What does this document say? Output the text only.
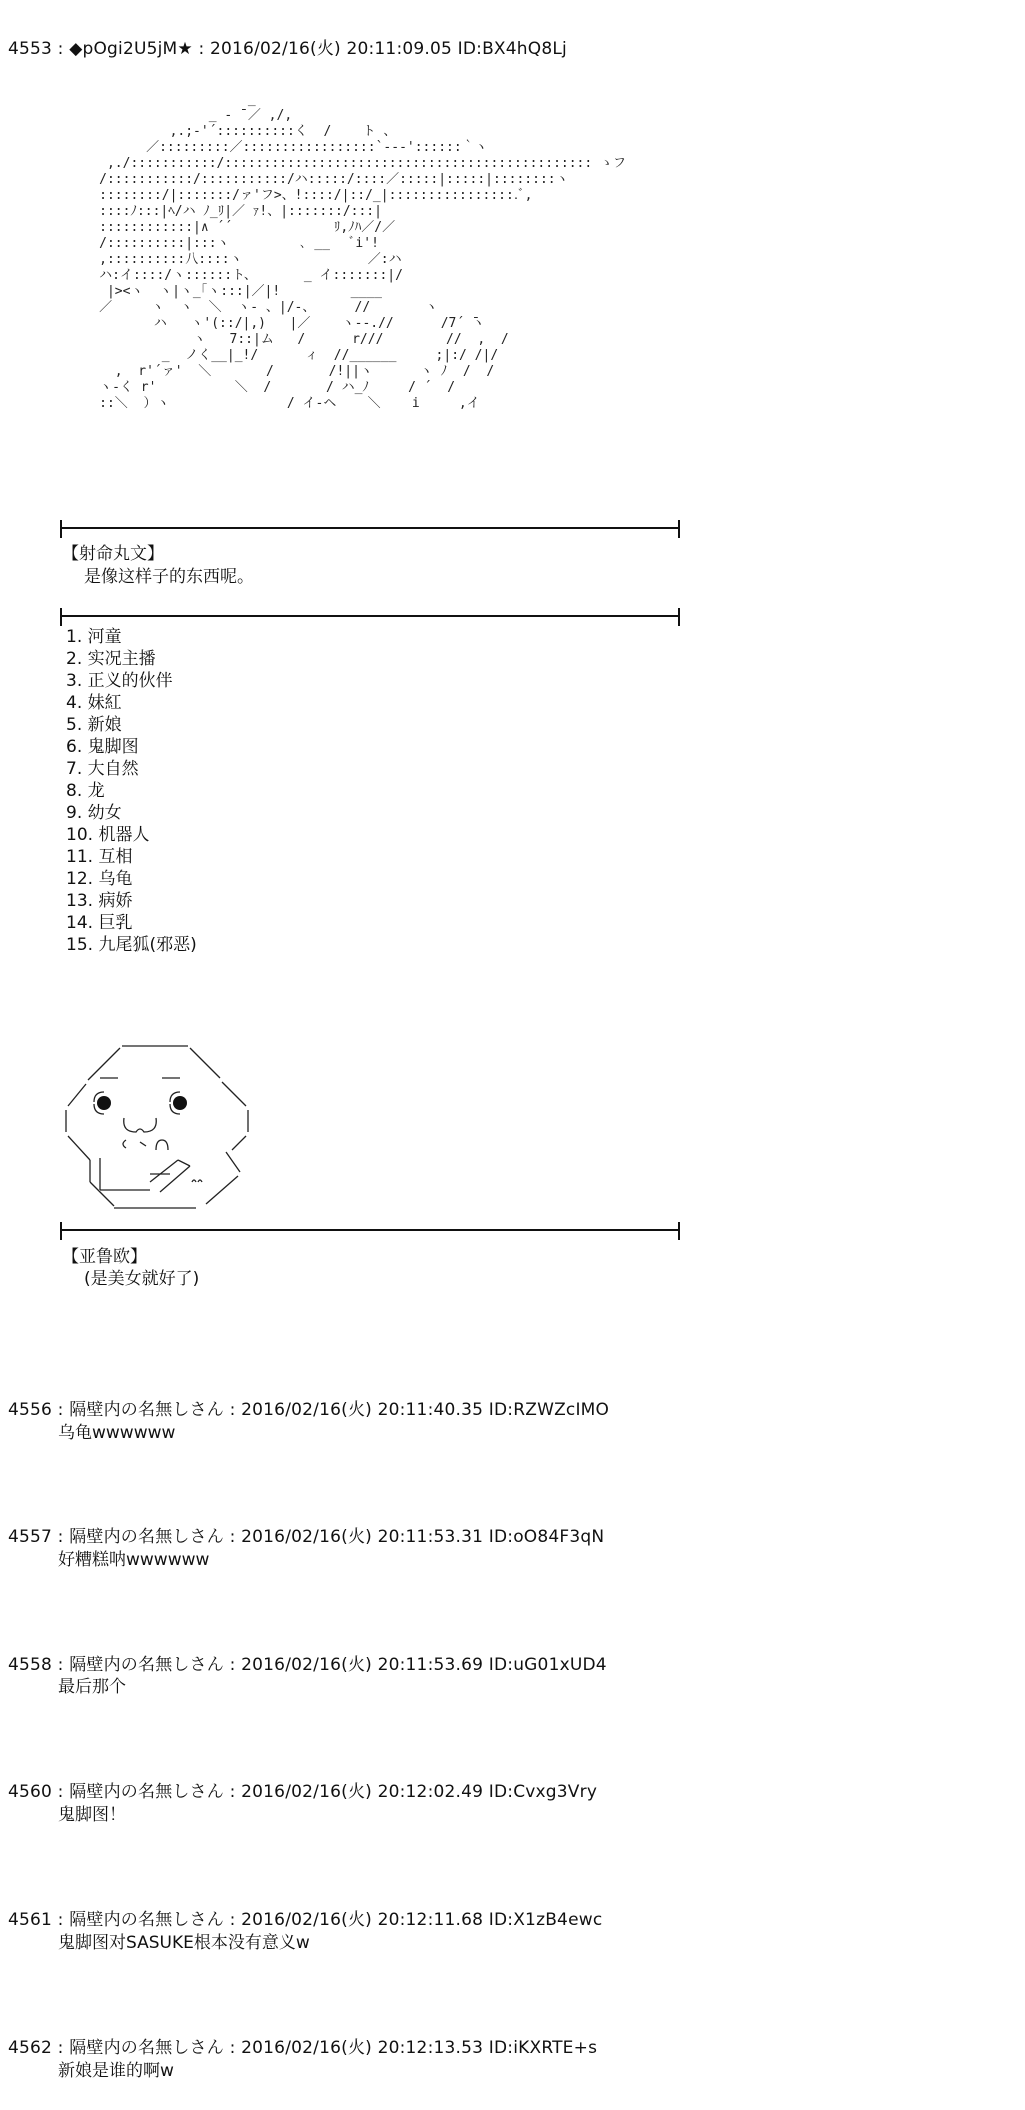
4553 : ◆pOgi2U5jM★ : 2016/02/16(火) 20:11:09.05 ID:BX4hQ8Lj
_
_ ‐ ̄ ／ ,/,
,.;-'´::::::::::く  /    ト 、
／:::::::::／:::::::::::::::::`‐‐‐'::::::｀ヽ
,./:::::::::::/::::::::::::::::::::::::::::::::::::::::::::::: ゝフ
/:::::::::::/:::::::::::/ハ:::::/::::／:::::|:::::|::::::::ヽ
::::::::/|:::::::/ァ'フ>、!::::/|::/_|::::::::::::::::.ﾞ,
::::ﾉ:::|ﾍ/ハ ﾉ_ﾘ|／ ｧ!、|:::::::/:::|
::::::::::::|∧ ´´             ﾘ,ﾉﾊ／/／
/::::::::::|:::ヽ         ､ __   ﾞi'!
,::::::::::八::::ヽ                ／:ハ
ハ:イ::::/ヽ::::::ト、      _ イ:::::::|/
|><ヽ  ヽ|ヽ_｢ヽ:::|／|!         ____
／     ヽ  ヽ  ＼  ヽ- 、|/‐、     //       ヽ
ハ   ヽ'(::/|,)   |／    ヽ--.//      /7´ ̄ヽ
ヽ   7::|ム   /      r///        //  ,  /
_  ノく__|_!/      ィ  //______     ;|:/ /|/
,  r'´ァ'  ＼       /       /!||ヽ      ヽ ﾉ  /  /
ヽ-く r'          ＼  /       / ハ_ﾉ     / ´  /
::＼  ）ヽ               / イ-ヘ    ＼    i     ,イ
【射命丸文】
是像这样子的东西呢。
1. 河童
2. 实况主播
3. 正义的伙伴
4. 妹紅
5. 新娘
6. 鬼脚图
7. 大自然
8. 龙
9. 幼女
10. 机器人
11. 互相
12. 乌龟
13. 病娇
14. 巨乳
15. 九尾狐(邪恶)
【亚鲁欧】
(是美女就好了)
4556 : 隔壁内の名無しさん : 2016/02/16(火) 20:11:40.35 ID:RZWZcIMO
乌龟wwwwww
4557 : 隔壁内の名無しさん : 2016/02/16(火) 20:11:53.31 ID:oO84F3qN
好糟糕呐wwwwww
4558 : 隔壁内の名無しさん : 2016/02/16(火) 20:11:53.69 ID:uG01xUD4
最后那个
4560 : 隔壁内の名無しさん : 2016/02/16(火) 20:12:02.49 ID:Cvxg3Vry
鬼脚图！
4561 : 隔壁内の名無しさん : 2016/02/16(火) 20:12:11.68 ID:X1zB4ewc
鬼脚图对SASUKE根本没有意义w
4562 : 隔壁内の名無しさん : 2016/02/16(火) 20:12:13.53 ID:iKXRTE+s
新娘是谁的啊w
